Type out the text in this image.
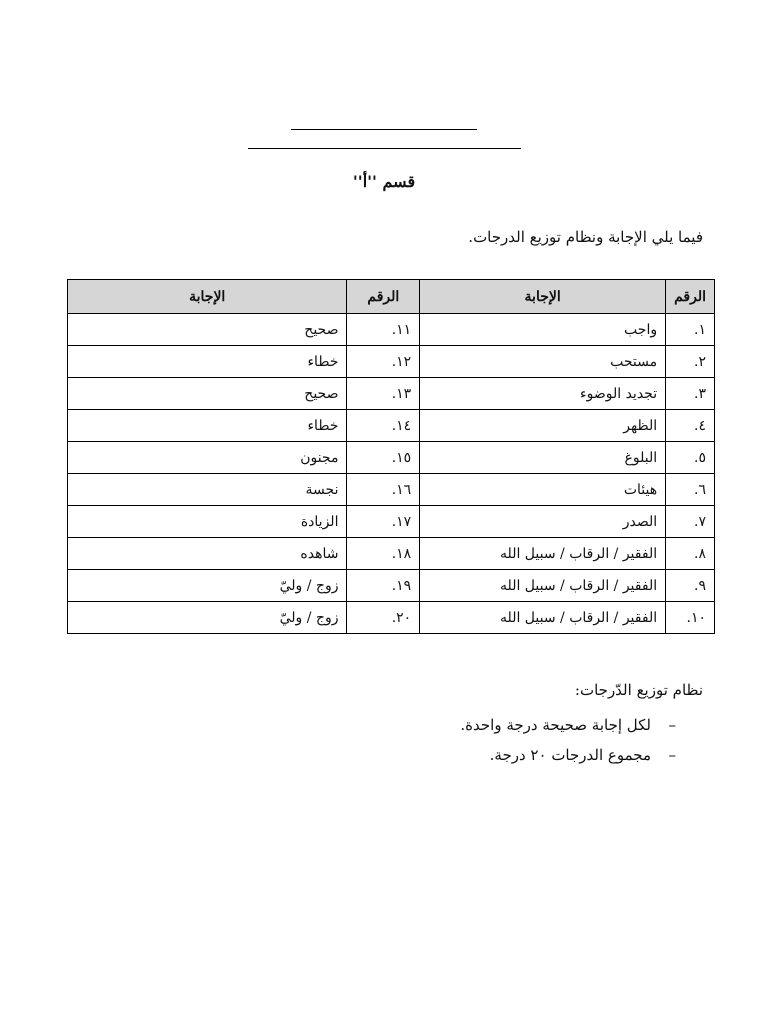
قسم ''أ''
فيما يلي الإجابة ونظام توزيع الدرجات.
الرقم	الإجابة	الرقم	الإجابة
١.	واجب	١١.	صحيح
٢.	مستحب	١٢.	خطاء
٣.	تجديد الوضوء	١٣.	صحيح
٤.	الظهر	١٤.	خطاء
٥.	البلوغ	١٥.	مجنون
٦.	هيئات	١٦.	نجسة
٧.	الصدر	١٧.	الزيادة
٨.	الفقير / الرقاب / سبيل الله	١٨.	شاهده
٩.	الفقير / الرقاب / سبيل الله	١٩.	زوج / وليّ
١٠.	الفقير / الرقاب / سبيل الله	٢٠.	زوج / وليّ
نظام توزيع الدّرجات:
–
لكل إجابة صحيحة درجة واحدة.
–
مجموع الدرجات ٢٠ درجة.
